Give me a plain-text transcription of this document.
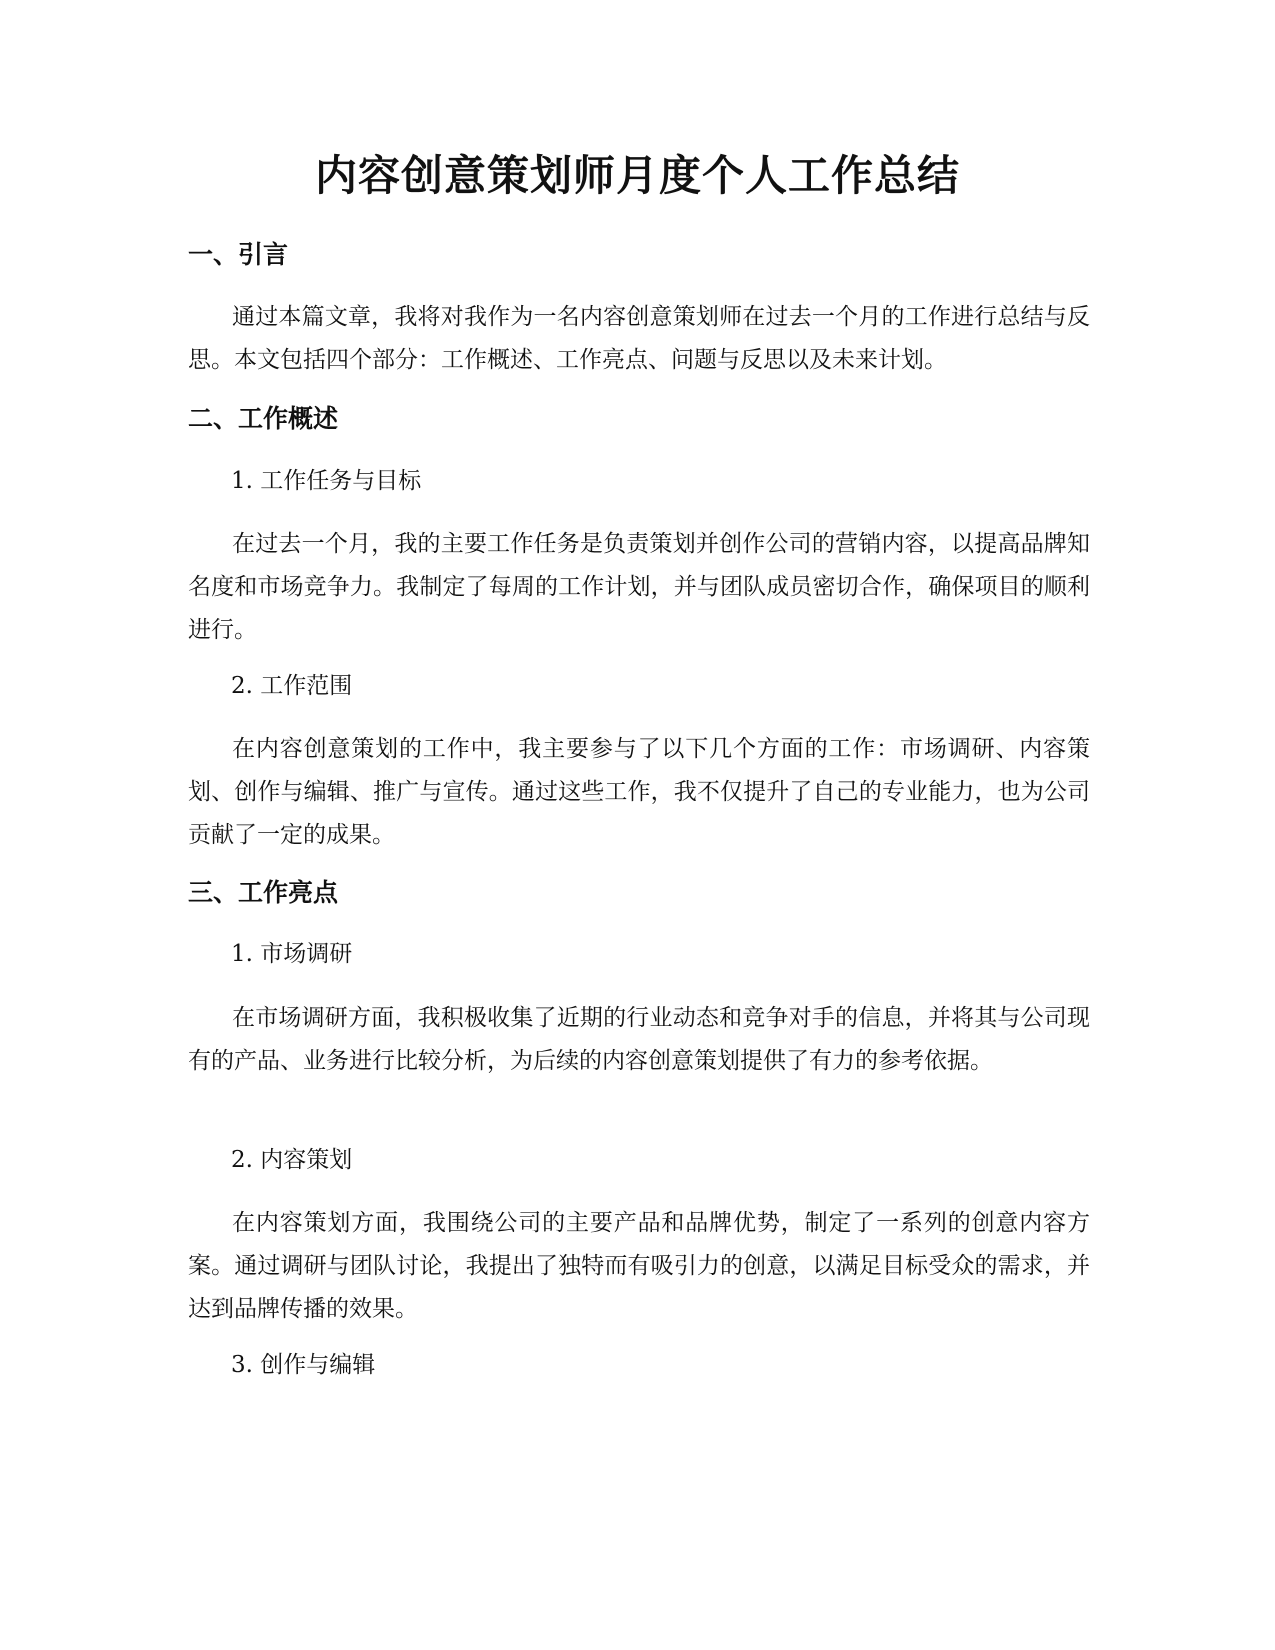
内容创意策划师月度个人工作总结
一、引言

通过本篇文章，我将对我作为一名内容创意策划师在过去一个月的工作进行总结与反思。本文包括四个部分：工作概述、工作亮点、问题与反思以及未来计划。

二、工作概述

1. 工作任务与目标

在过去一个月，我的主要工作任务是负责策划并创作公司的营销内容，以提高品牌知名度和市场竞争力。我制定了每周的工作计划，并与团队成员密切合作，确保项目的顺利进行。

2. 工作范围

在内容创意策划的工作中，我主要参与了以下几个方面的工作：市场调研、内容策划、创作与编辑、推广与宣传。通过这些工作，我不仅提升了自己的专业能力，也为公司贡献了一定的成果。

三、工作亮点

1. 市场调研

在市场调研方面，我积极收集了近期的行业动态和竞争对手的信息，并将其与公司现有的产品、业务进行比较分析，为后续的内容创意策划提供了有力的参考依据。

2. 内容策划

在内容策划方面，我围绕公司的主要产品和品牌优势，制定了一系列的创意内容方案。通过调研与团队讨论，我提出了独特而有吸引力的创意，以满足目标受众的需求，并达到品牌传播的效果。

3. 创作与编辑
